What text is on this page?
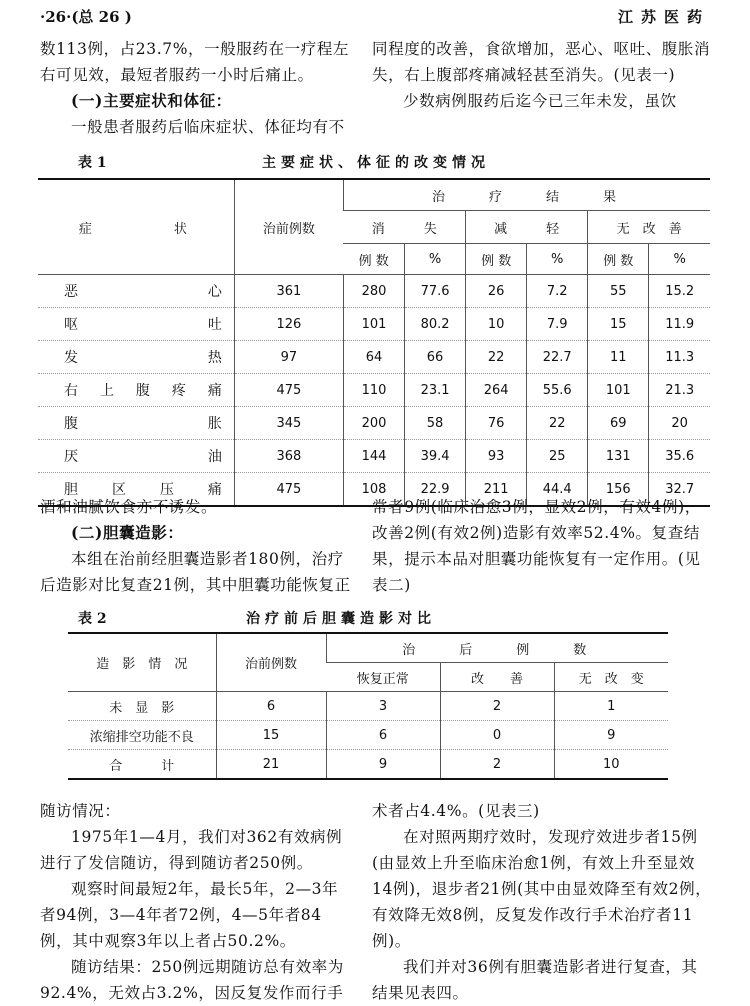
·26·(总 26 )	江苏医药

数113例，占23.7%，一般服药在一疗程左右可见效，最短者服药一小时后痛止。

(一)主要症状和体征：

一般患者服药后临床症状、体征均有不

同程度的改善，食欲增加，恶心、呕吐、腹胀消失，右上腹部疼痛减轻甚至消失。(见表一)

少数病例服药后迄今已三年未发，虽饮

表 1	主要症状、体征的改变情况
症　　　　状	治前例数	治　　疗　　结　　果					
		消　　　失		减　　　轻		无　改　善	
		例 数	%	例 数	%	例 数	%
恶心	361	280	77.6	26	7.2	55	15.2
呕吐	126	101	80.2	10	7.9	15	11.9
发热	97	64	66	22	22.7	11	11.3
右上腹疼痛	475	110	23.1	264	55.6	101	21.3
腹胀	345	200	58	76	22	69	20
厌油	368	144	39.4	93	25	131	35.6
胆区压痛	475	108	22.9	211	44.4	156	32.7

酒和油腻饮食亦不诱发。

(二)胆囊造影：

本组在治前经胆囊造影者180例，治疗后造影对比复查21例，其中胆囊功能恢复正

常者9例(临床治愈3例，显效2例，有效4例)，改善2例(有效2例)造影有效率52.4%。复查结果，提示本品对胆囊功能恢复有一定作用。(见表二)

表 2	治疗前后胆囊造影对比
造　影　情　况	治前例数	治　　后　　例　　数		
		恢复正常	改　　善	无　改　变
未　显　影	6	3	2	1
浓缩排空功能不良	15	6	0	9
合　　　计	21	9	2	10

随访情况：

1975年1—4月，我们对362有效病例进行了发信随访，得到随访者250例。

观察时间最短2年，最长5年，2—3年者94例，3—4年者72例，4—5年者84例，其中观察3年以上者占50.2%。

随访结果：250例远期随访总有效率为92.4%，无效占3.2%，因反复发作而行手

术者占4.4%。(见表三)

在对照两期疗效时，发现疗效进步者15例(由显效上升至临床治愈1例，有效上升至显效14例)，退步者21例(其中由显效降至有效2例，有效降无效8例，反复发作改行手术治疗者11例)。

我们并对36例有胆囊造影者进行复查，其结果见表四。
